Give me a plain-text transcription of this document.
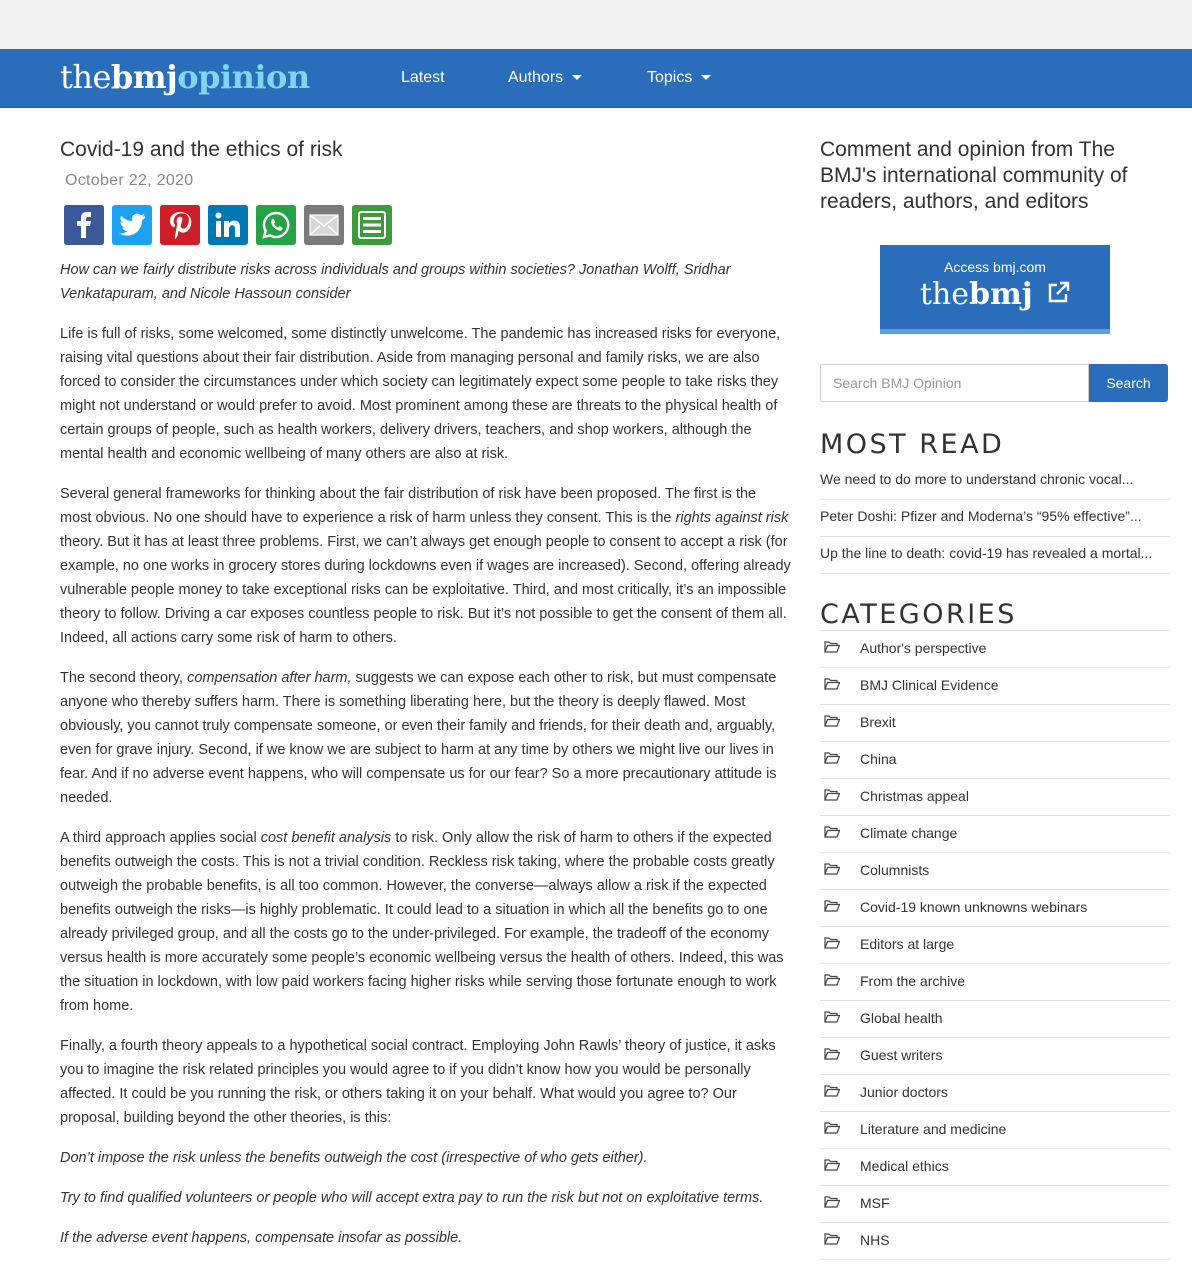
thebmjopinion	Latest	Authors	Topics
Covid-19 and the ethics of risk
October 22, 2020

How can we fairly distribute risks across individuals and groups within societies? Jonathan Wolff, Sridhar Venkatapuram, and Nicole Hassoun consider

Life is full of risks, some welcomed, some distinctly unwelcome. The pandemic has increased risks for everyone, raising vital questions about their fair distribution. Aside from managing personal and family risks, we are also forced to consider the circumstances under which society can legitimately expect some people to take risks they might not understand or would prefer to avoid. Most prominent among these are threats to the physical health of certain groups of people, such as health workers, delivery drivers, teachers, and shop workers, although the mental health and economic wellbeing of many others are also at risk.

Several general frameworks for thinking about the fair distribution of risk have been proposed. The first is the most obvious. No one should have to experience a risk of harm unless they consent. This is the rights against risk theory. But it has at least three problems. First, we can’t always get enough people to consent to accept a risk (for example, no one works in grocery stores during lockdowns even if wages are increased). Second, offering already vulnerable people money to take exceptional risks can be exploitative. Third, and most critically, it’s an impossible theory to follow. Driving a car exposes countless people to risk. But it’s not possible to get the consent of them all. Indeed, all actions carry some risk of harm to others.

The second theory, compensation after harm, suggests we can expose each other to risk, but must compensate anyone who thereby suffers harm. There is something liberating here, but the theory is deeply flawed. Most obviously, you cannot truly compensate someone, or even their family and friends, for their death and, arguably, even for grave injury. Second, if we know we are subject to harm at any time by others we might live our lives in fear. And if no adverse event happens, who will compensate us for our fear? So a more precautionary attitude is needed.

A third approach applies social cost benefit analysis to risk. Only allow the risk of harm to others if the expected benefits outweigh the costs. This is not a trivial condition. Reckless risk taking, where the probable costs greatly outweigh the probable benefits, is all too common. However, the converse—always allow a risk if the expected benefits outweigh the risks—is highly problematic. It could lead to a situation in which all the benefits go to one already privileged group, and all the costs go to the under-privileged. For example, the tradeoff of the economy versus health is more accurately some people’s economic wellbeing versus the health of others. Indeed, this was the situation in lockdown, with low paid workers facing higher risks while serving those fortunate enough to work from home.

Finally, a fourth theory appeals to a hypothetical social contract. Employing John Rawls’ theory of justice, it asks you to imagine the risk related principles you would agree to if you didn’t know how you would be personally affected. It could be you running the risk, or others taking it on your behalf. What would you agree to? Our proposal, building beyond the other theories, is this:

Don’t impose the risk unless the benefits outweigh the cost (irrespective of who gets either).

Try to find qualified volunteers or people who will accept extra pay to run the risk but not on exploitative terms.

If the adverse event happens, compensate insofar as possible.

Comment and opinion from The BMJ's international community of readers, authors, and editors
Access bmj.com
thebmj
Search BMJ Opinion
Search
MOST READ
We need to do more to understand chronic vocal...
Peter Doshi: Pfizer and Moderna’s “95% effective”...
Up the line to death: covid-19 has revealed a mortal...
CATEGORIES
Author's perspective
BMJ Clinical Evidence
Brexit
China
Christmas appeal
Climate change
Columnists
Covid-19 known unknowns webinars
Editors at large
From the archive
Global health
Guest writers
Junior doctors
Literature and medicine
Medical ethics
MSF
NHS
